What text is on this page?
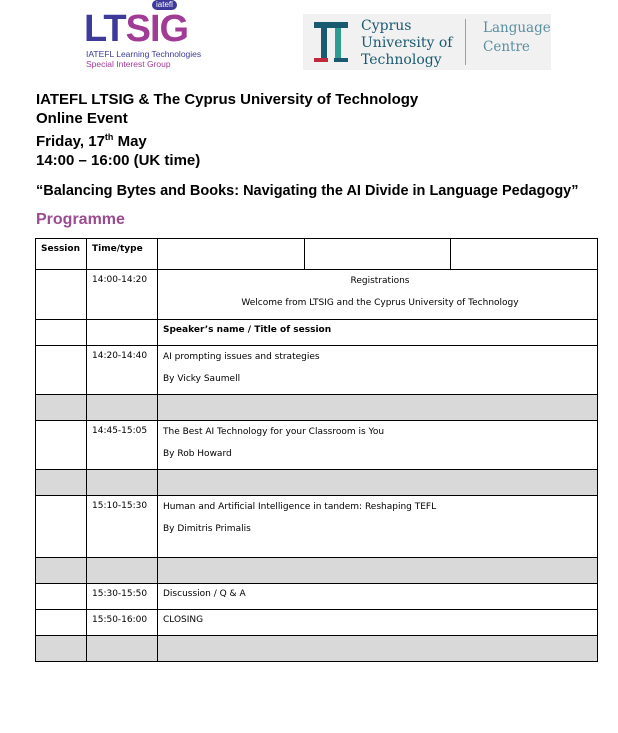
iatefl
LTSIG
IATEFL Learning Technologies
Special Interest Group
Cyprus
University of
Technology
Language
Centre
IATEFL LTSIG & The Cyprus University of Technology
Online Event
Friday, 17th May
14:00 – 16:00 (UK time)
“Balancing Bytes and Books: Navigating the AI Divide in Language Pedagogy”
Programme
Session	Time/type			
	14:00-14:20	Registrations
Welcome from LTSIG and the Cyprus University of Technology		

		Speaker’s name / Title of session		
	14:20-14:40	AI prompting issues and strategies
By Vicky Saumell		

	14:45-15:05	The Best AI Technology for your Classroom is You
By Rob Howard		

	15:10-15:30	Human and Artificial Intelligence in tandem: Reshaping TEFL
By Dimitris Primalis		

	15:30-15:50	Discussion / Q & A		
	15:50-16:00	CLOSING		
